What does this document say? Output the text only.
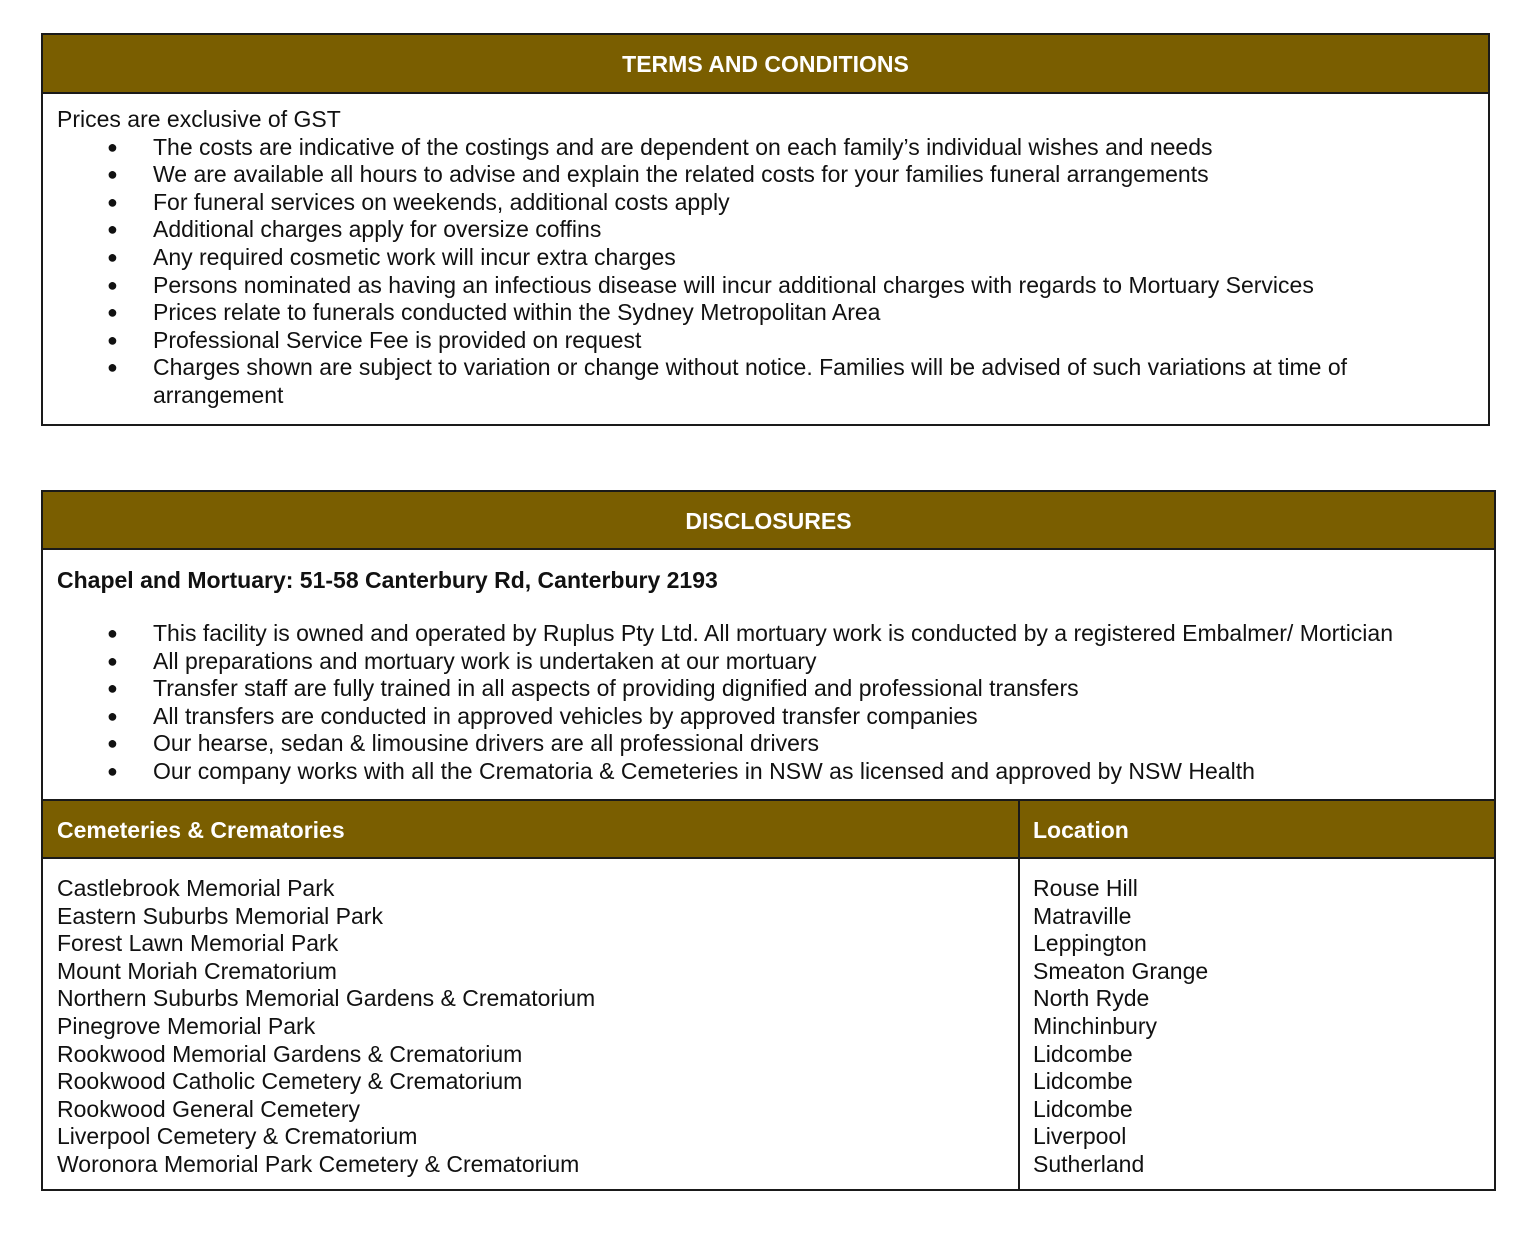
TERMS AND CONDITIONS

Prices are exclusive of GST

● The costs are indicative of the costings and are dependent on each family’s individual wishes and needs
● We are available all hours to advise and explain the related costs for your families funeral arrangements
● For funeral services on weekends, additional costs apply
● Additional charges apply for oversize coffins
● Any required cosmetic work will incur extra charges
● Persons nominated as having an infectious disease will incur additional charges with regards to Mortuary Services
● Prices relate to funerals conducted within the Sydney Metropolitan Area
● Professional Service Fee is provided on request
● Charges shown are subject to variation or change without notice. Families will be advised of such variations at time of arrangement
DISCLOSURES

Chapel and Mortuary: 51-58 Canterbury Rd, Canterbury 2193

● This facility is owned and operated by Ruplus Pty Ltd. All mortuary work is conducted by a registered Embalmer/ Mortician
● All preparations and mortuary work is undertaken at our mortuary
● Transfer staff are fully trained in all aspects of providing dignified and professional transfers
● All transfers are conducted in approved vehicles by approved transfer companies
● Our hearse, sedan & limousine drivers are all professional drivers
● Our company works with all the Crematoria & Cemeteries in NSW as licensed and approved by NSW Health
Cemeteries & Crematories	Location
Castlebrook Memorial Park
Eastern Suburbs Memorial Park
Forest Lawn Memorial Park
Mount Moriah Crematorium
Northern Suburbs Memorial Gardens & Crematorium
Pinegrove Memorial Park
Rookwood Memorial Gardens & Crematorium
Rookwood Catholic Cemetery & Crematorium
Rookwood General Cemetery
Liverpool Cemetery & Crematorium
Woronora Memorial Park Cemetery & Crematorium
Rouse Hill
Matraville
Leppington
Smeaton Grange
North Ryde
Minchinbury
Lidcombe
Lidcombe
Lidcombe
Liverpool
Sutherland
